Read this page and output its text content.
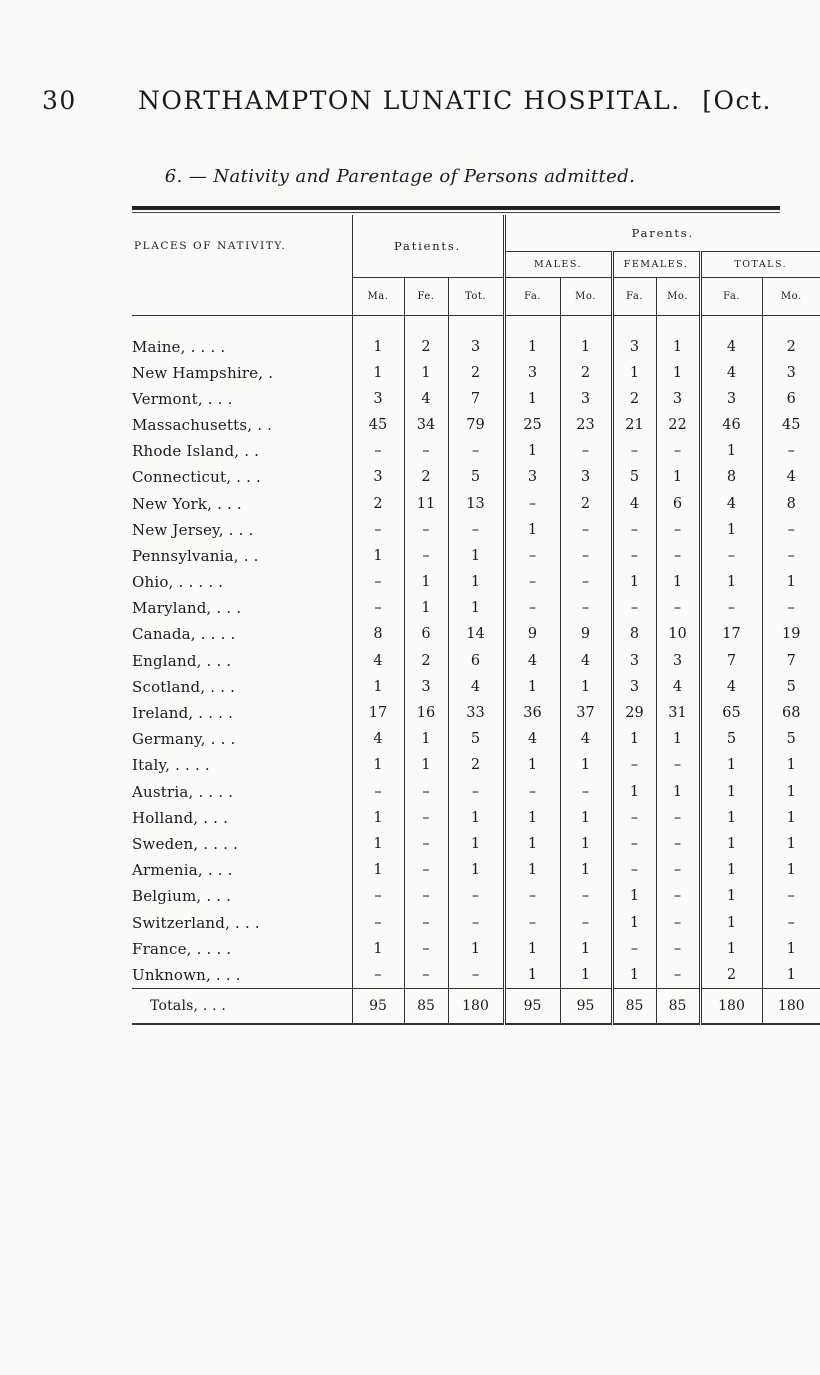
30 NORTHAMPTON LUNATIC HOSPITAL. [Oct.
6. — Nativity and Parentage of Persons admitted.
PLACES OF NATIVITY.	Patients.			Parents.					
				MALES.		FEMALES.		TOTALS.	
	Ma.	Fe.	Tot.	Fa.	Mo.	Fa.	Mo.	Fa.	Mo.
Maine, . . . .	1	2	3	1	1	3	1	4	2
New Hampshire, .	1	1	2	3	2	1	1	4	3
Vermont, . . .	3	4	7	1	3	2	3	3	6
Massachusetts, . .	45	34	79	25	23	21	22	46	45
Rhode Island, . .	–	–	–	1	–	–	–	1	–
Connecticut, . . .	3	2	5	3	3	5	1	8	4
New York, . . .	2	11	13	–	2	4	6	4	8
New Jersey, . . .	–	–	–	1	–	–	–	1	–
Pennsylvania, . .	1	–	1	–	–	–	–	–	–
Ohio, . . . . .	–	1	1	–	–	1	1	1	1
Maryland, . . .	–	1	1	–	–	–	–	–	–
Canada, . . . .	8	6	14	9	9	8	10	17	19
England, . . .	4	2	6	4	4	3	3	7	7
Scotland, . . .	1	3	4	1	1	3	4	4	5
Ireland, . . . .	17	16	33	36	37	29	31	65	68
Germany, . . .	4	1	5	4	4	1	1	5	5
Italy, . . . .	1	1	2	1	1	–	–	1	1
Austria, . . . .	–	–	–	–	–	1	1	1	1
Holland, . . .	1	–	1	1	1	–	–	1	1
Sweden, . . . .	1	–	1	1	1	–	–	1	1
Armenia, . . .	1	–	1	1	1	–	–	1	1
Belgium, . . .	–	–	–	–	–	1	–	1	–
Switzerland, . . .	–	–	–	–	–	1	–	1	–
France, . . . .	1	–	1	1	1	–	–	1	1
Unknown, . . .	–	–	–	1	1	1	–	2	1
Totals, . . .	95	85	180	95	95	85	85	180	180
